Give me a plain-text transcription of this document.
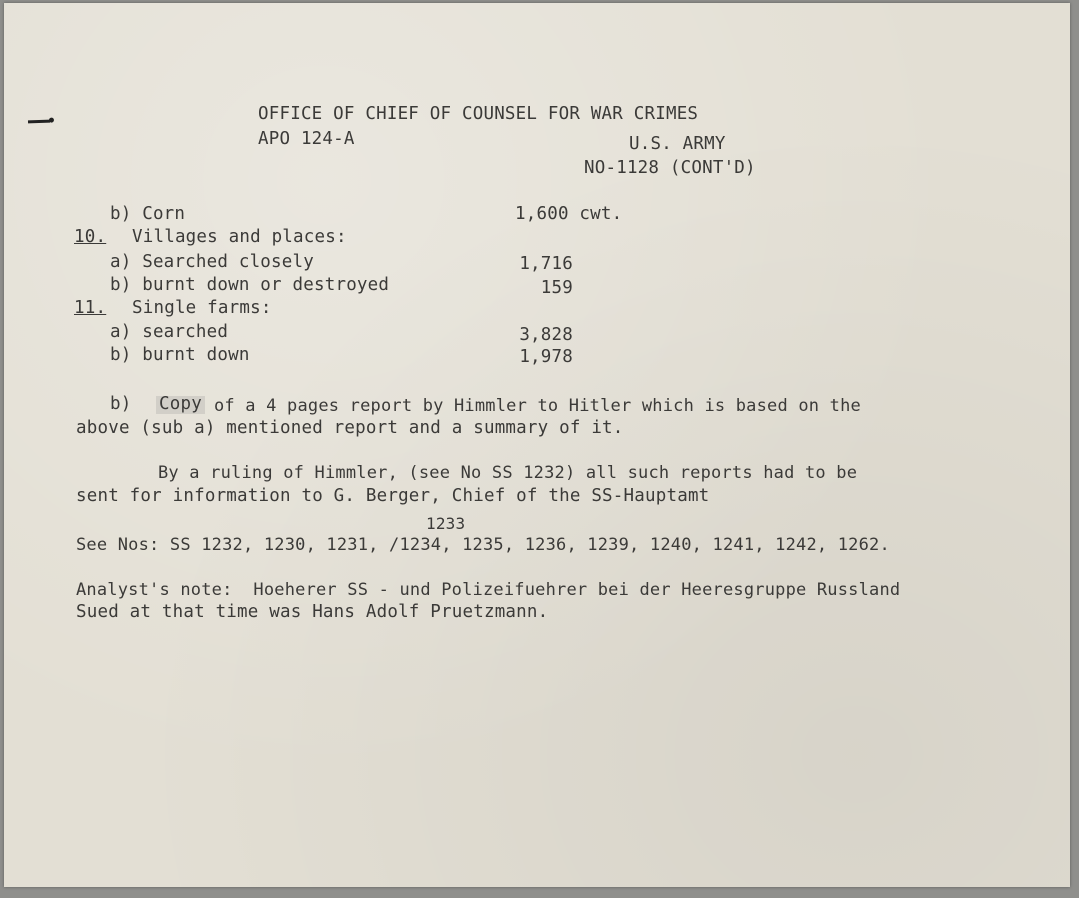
OFFICE OF CHIEF OF COUNSEL FOR WAR CRIMES
APO 124-A	U.S. ARMY
NO-1128 (CONT'D)
b) Corn	1,600 cwt.
10. Villages and places:
a) Searched closely	1,716
b) burnt down or destroyed	159
11. Single farms:
a) searched	3,828
b) burnt down	1,978
b) Copy of a 4 pages report by Himmler to Hitler which is based on the
above (sub a) mentioned report and a summary of it.
By a ruling of Himmler, (see No SS 1232) all such reports had to be
sent for information to G. Berger, Chief of the SS-Hauptamt
1233
See Nos: SS 1232, 1230, 1231, /1234, 1235, 1236, 1239, 1240, 1241, 1242, 1262.
Analyst's note:  Hoeherer SS - und Polizeifuehrer bei der Heeresgruppe Russland
Sued at that time was Hans Adolf Pruetzmann.
